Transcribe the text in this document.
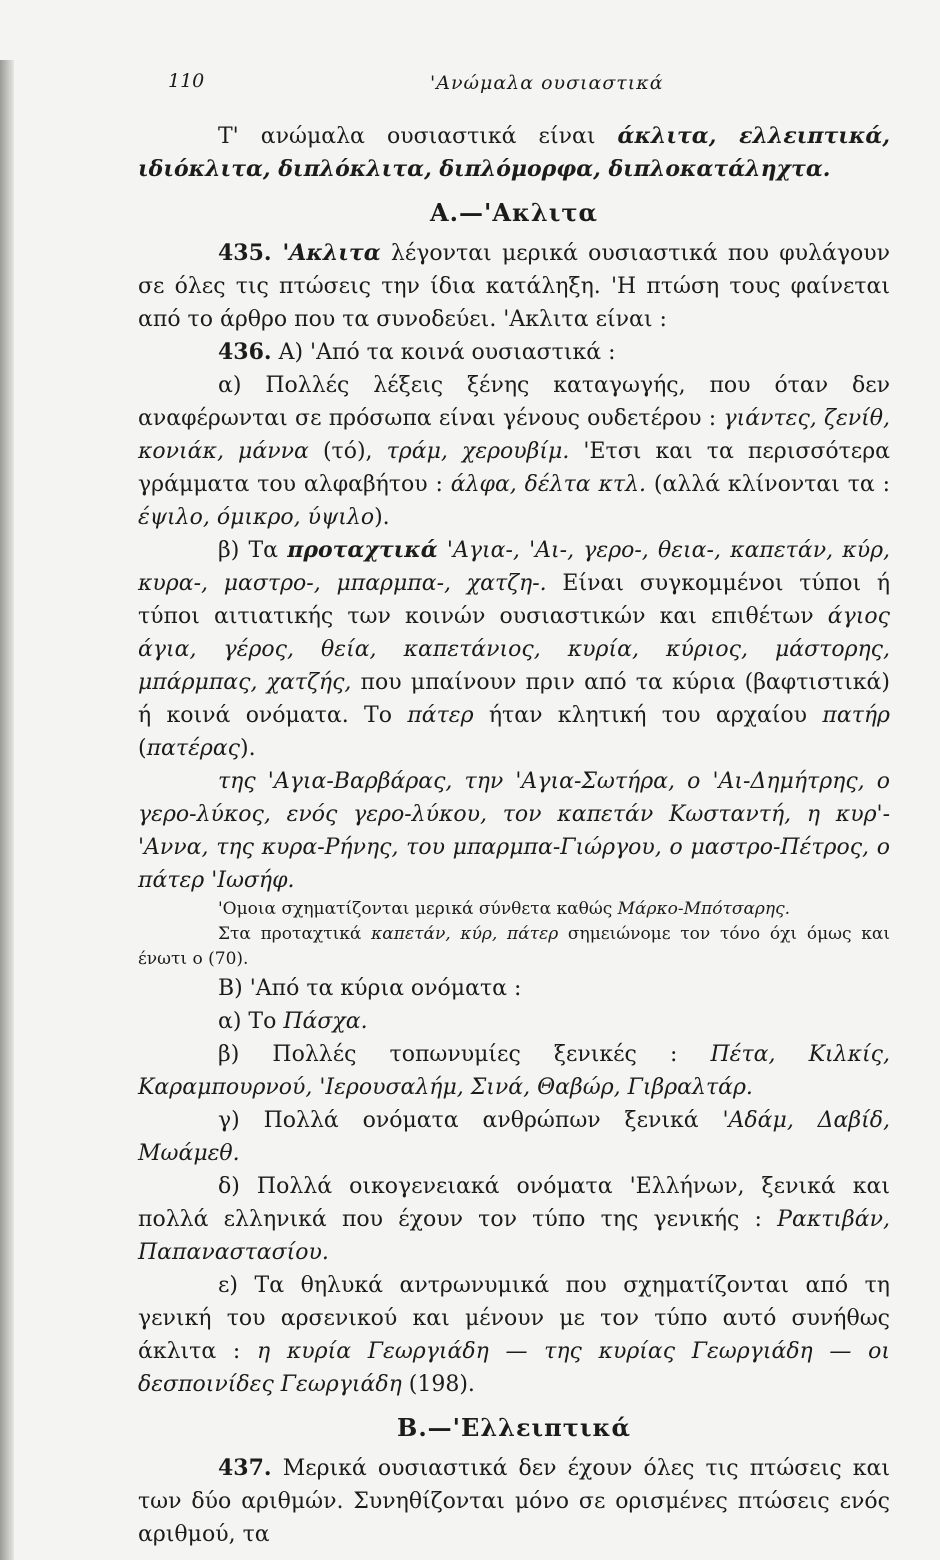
110	'Ανώμαλα ουσιαστικά

Τ' ανώμαλα ουσιαστικά είναι άκλιτα, ελλειπτικά, ιδιόκλιτα, διπλόκλιτα, διπλόμορφα, διπλοκατάληχτα.

Α.—'Ακλιτα

435. 'Ακλιτα λέγονται μερικά ουσιαστικά που φυλάγουν σε όλες τις πτώσεις την ίδια κατάληξη. 'Η πτώση τους φαίνεται από το άρθρο που τα συνοδεύει. 'Ακλιτα είναι :

436. Α) 'Από τα κοινά ουσιαστικά :

α) Πολλές λέξεις ξένης καταγωγής, που όταν δεν αναφέρωνται σε πρόσωπα είναι γένους ουδετέρου : γιάντες, ζενίθ, κονιάκ, μάννα (τό), τράμ, χερουβίμ. 'Ετσι και τα περισσότερα γράμματα του αλφαβήτου : άλφα, δέλτα κτλ. (αλλά κλίνονται τα : έψιλο, όμικρο, ύψιλο).

β) Τα προταχτικά 'Αγια-, 'Αι-, γερο-, θεια-, καπετάν, κύρ, κυρα-, μαστρο-, μπαρμπα-, χατζη-. Είναι συγκομμένοι τύποι ή τύποι αιτιατικής των κοινών ουσιαστικών και επιθέτων άγιος άγια, γέρος, θεία, καπετάνιος, κυρία, κύριος, μάστορης, μπάρμπας, χατζής, που μπαίνουν πριν από τα κύρια (βαφτιστικά) ή κοινά ονόματα. Το πάτερ ήταν κλητική του αρχαίου πατήρ (πατέρας).

της 'Αγια-Βαρβάρας, την 'Αγια-Σωτήρα, ο 'Αι-Δημήτρης, ο γερο-λύκος, ενός γερο-λύκου, τον καπετάν Κωσταντή, η κυρ'-'Αννα, της κυρα-Ρήνης, του μπαρμπα-Γιώργου, ο μαστρο-Πέτρος, ο πάτερ 'Ιωσήφ.

'Ομοια σχηματίζονται μερικά σύνθετα καθώς Μάρκο-Μπότσαρης.

Στα προταχτικά καπετάν, κύρ, πάτερ σημειώνομε τον τόνο όχι όμως και ένωτι ο (70).

Β) 'Από τα κύρια ονόματα :

α) Το Πάσχα.

β) Πολλές τοπωνυμίες ξενικές : Πέτα, Κιλκίς, Καραμπουρνού, 'Ιερουσαλήμ, Σινά, Θαβώρ, Γιβραλτάρ.

γ) Πολλά ονόματα ανθρώπων ξενικά 'Αδάμ, Δαβίδ, Μωάμεθ.

δ) Πολλά οικογενειακά ονόματα 'Ελλήνων, ξενικά και πολλά ελληνικά που έχουν τον τύπο της γενικής : Ρακτιβάν, Παπαναστασίου.

ε) Τα θηλυκά αντρωνυμικά που σχηματίζονται από τη γενική του αρσενικού και μένουν με τον τύπο αυτό συνήθως άκλιτα : η κυρία Γεωργιάδη — της κυρίας Γεωργιάδη — οι δεσποινίδες Γεωργιάδη (198).

Β.—'Ελλειπτικά

437. Μερικά ουσιαστικά δεν έχουν όλες τις πτώσεις και των δύο αριθμών. Συνηθίζονται μόνο σε ορισμένες πτώσεις ενός αριθμού, τα
